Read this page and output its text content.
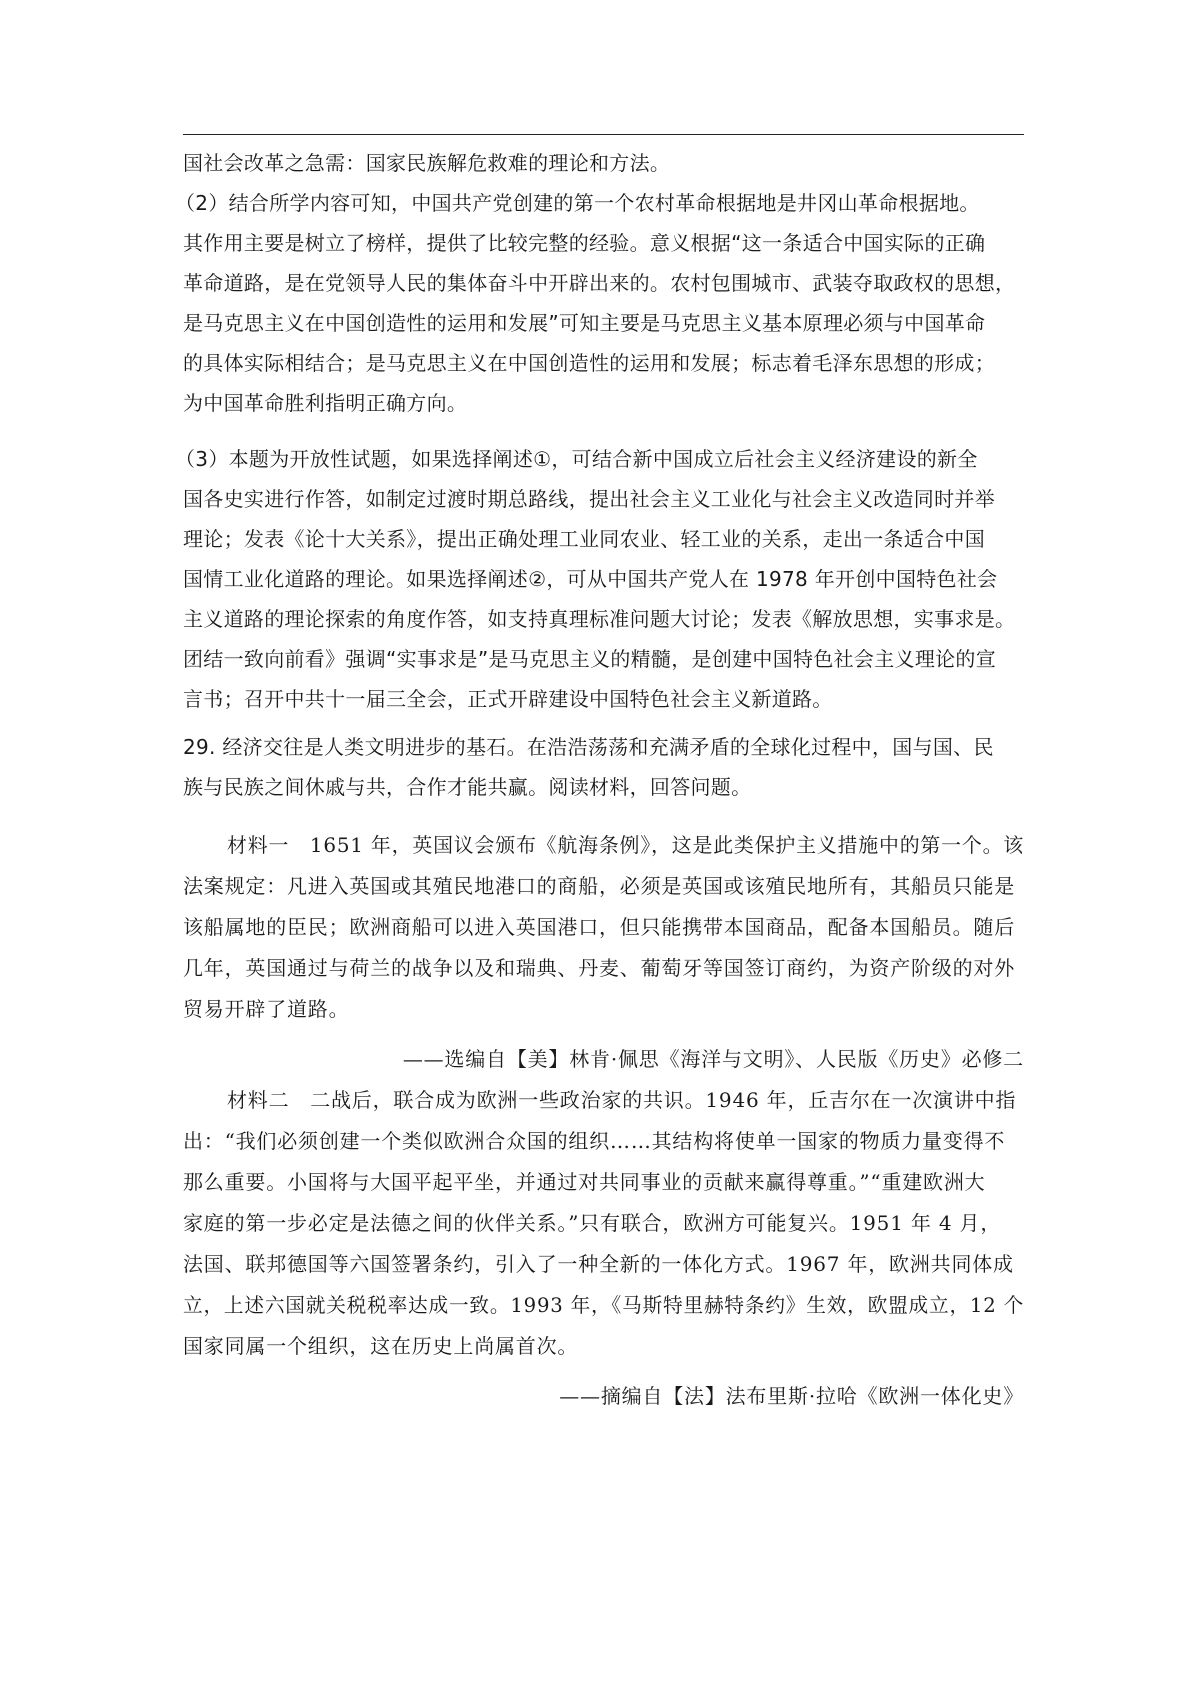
国社会改革之急需：国家民族解危救难的理论和方法。
（2）结合所学内容可知，中国共产党创建的第一个农村革命根据地是井冈山革命根据地。
其作用主要是树立了榜样，提供了比较完整的经验。意义根据“这一条适合中国实际的正确
革命道路，是在党领导人民的集体奋斗中开辟出来的。农村包围城市、武装夺取政权的思想，
是马克思主义在中国创造性的运用和发展”可知主要是马克思主义基本原理必须与中国革命
的具体实际相结合；是马克思主义在中国创造性的运用和发展；标志着毛泽东思想的形成；
为中国革命胜利指明正确方向。
（3）本题为开放性试题，如果选择阐述①，可结合新中国成立后社会主义经济建设的新全
国各史实进行作答，如制定过渡时期总路线，提出社会主义工业化与社会主义改造同时并举
理论；发表《论十大关系》，提出正确处理工业同农业、轻工业的关系，走出一条适合中国
国情工业化道路的理论。如果选择阐述②，可从中国共产党人在 1978 年开创中国特色社会
主义道路的理论探索的角度作答，如支持真理标准问题大讨论；发表《解放思想，实事求是。
团结一致向前看》强调“实事求是”是马克思主义的精髓，是创建中国特色社会主义理论的宣
言书；召开中共十一届三全会，正式开辟建设中国特色社会主义新道路。
29. 经济交往是人类文明进步的基石。在浩浩荡荡和充满矛盾的全球化过程中，国与国、民
族与民族之间休戚与共，合作才能共赢。阅读材料，回答问题。
材料一　1651 年，英国议会颁布《航海条例》，这是此类保护主义措施中的第一个。该
法案规定：凡进入英国或其殖民地港口的商船，必须是英国或该殖民地所有，其船员只能是
该船属地的臣民；欧洲商船可以进入英国港口，但只能携带本国商品，配备本国船员。随后
几年，英国通过与荷兰的战争以及和瑞典、丹麦、葡萄牙等国签订商约，为资产阶级的对外
贸易开辟了道路。
——选编自【美】林肯·佩思《海洋与文明》、人民版《历史》必修二
材料二　二战后，联合成为欧洲一些政治家的共识。1946 年，丘吉尔在一次演讲中指
出：“我们必须创建一个类似欧洲合众国的组织……其结构将使单一国家的物质力量变得不
那么重要。小国将与大国平起平坐，并通过对共同事业的贡献来赢得尊重。”“重建欧洲大
家庭的第一步必定是法德之间的伙伴关系。”只有联合，欧洲方可能复兴。1951 年 4 月，
法国、联邦德国等六国签署条约，引入了一种全新的一体化方式。1967 年，欧洲共同体成
立，上述六国就关税税率达成一致。1993 年，《马斯特里赫特条约》生效，欧盟成立，12 个
国家同属一个组织，这在历史上尚属首次。
——摘编自【法】法布里斯·拉哈《欧洲一体化史》
